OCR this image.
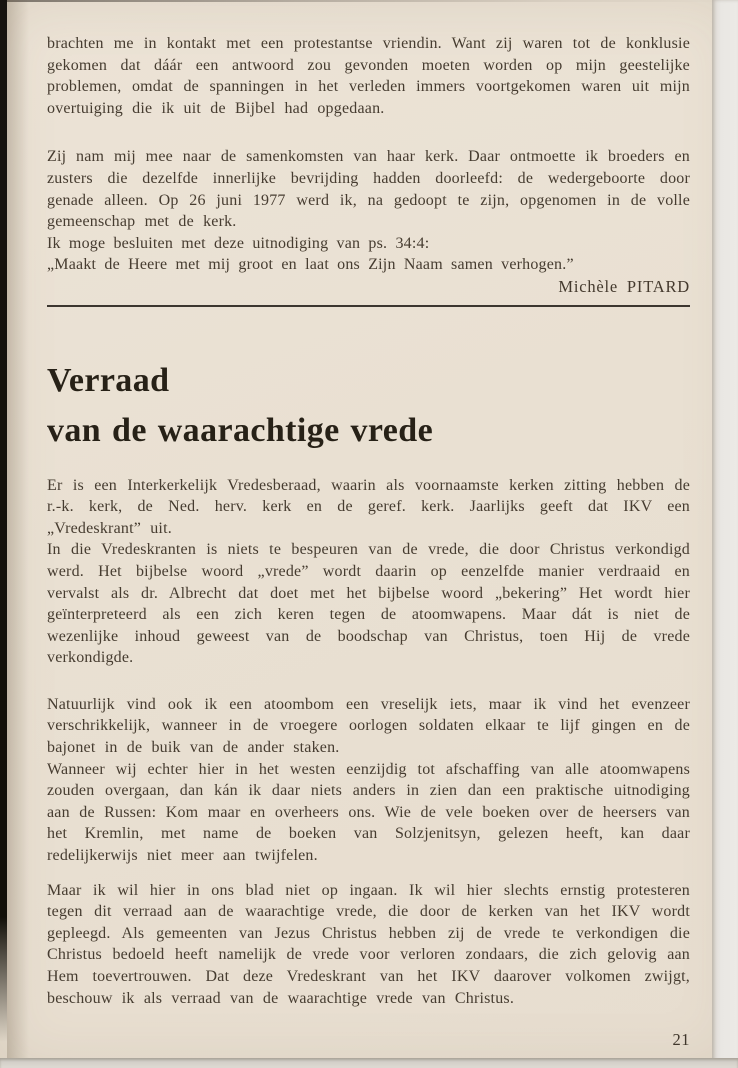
brachten me in kontakt met een protestantse vriendin. Want zij waren tot de konklusie gekomen dat dáár een antwoord zou gevonden moeten worden op mijn geestelijke problemen, omdat de spanningen in het verleden immers voortgekomen waren uit mijn overtuiging die ik uit de Bijbel had opgedaan.

Zij nam mij mee naar de samenkomsten van haar kerk. Daar ontmoette ik broeders en zusters die dezelfde innerlijke bevrijding hadden doorleefd: de wedergeboorte door genade alleen. Op 26 juni 1977 werd ik, na gedoopt te zijn, opgenomen in de volle gemeenschap met de kerk.

Ik moge besluiten met deze uitnodiging van ps. 34:4:

„Maakt de Heere met mij groot en laat ons Zijn Naam samen verhogen.”

Michèle PITARD

Verraad
van de waarachtige vrede

Er is een Interkerkelijk Vredesberaad, waarin als voornaamste kerken zitting hebben de r.-k. kerk, de Ned. herv. kerk en de geref. kerk. Jaarlijks geeft dat IKV een „Vredeskrant” uit.

In die Vredeskranten is niets te bespeuren van de vrede, die door Christus verkondigd werd. Het bijbelse woord „vrede” wordt daarin op eenzelfde manier verdraaid en vervalst als dr. Albrecht dat doet met het bijbelse woord „bekering” Het wordt hier geïnterpreteerd als een zich keren tegen de atoomwapens. Maar dát is niet de wezenlijke inhoud geweest van de boodschap van Christus, toen Hij de vrede verkondigde.

Natuurlijk vind ook ik een atoombom een vreselijk iets, maar ik vind het evenzeer verschrikkelijk, wanneer in de vroegere oorlogen soldaten elkaar te lijf gingen en de bajonet in de buik van de ander staken.

Wanneer wij echter hier in het westen eenzijdig tot afschaffing van alle atoomwapens zouden overgaan, dan kán ik daar niets anders in zien dan een praktische uitnodiging aan de Russen: Kom maar en overheers ons. Wie de vele boeken over de heersers van het Kremlin, met name de boeken van Solzjenitsyn, gelezen heeft, kan daar redelijkerwijs niet meer aan twijfelen.

Maar ik wil hier in ons blad niet op ingaan. Ik wil hier slechts ernstig protesteren tegen dit verraad aan de waarachtige vrede, die door de kerken van het IKV wordt gepleegd. Als gemeenten van Jezus Christus hebben zij de vrede te verkondigen die Christus bedoeld heeft namelijk de vrede voor verloren zondaars, die zich gelovig aan Hem toevertrouwen. Dat deze Vredeskrant van het IKV daarover volkomen zwijgt, beschouw ik als verraad van de waarachtige vrede van Christus.

21
